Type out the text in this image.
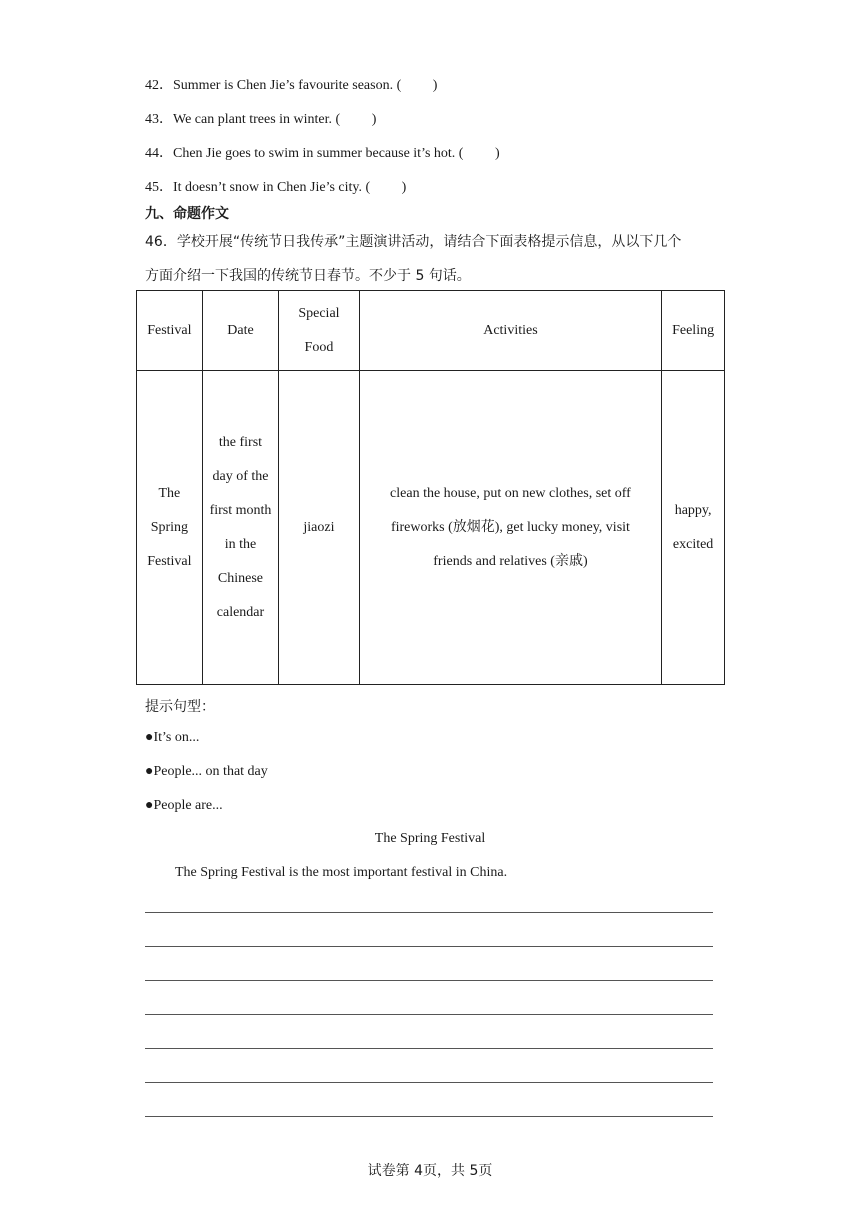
42．Summer is Chen Jie’s favourite season. (   )
43．We can plant trees in winter. (   )
44．Chen Jie goes to swim in summer because it’s hot. (   )
45．It doesn’t snow in Chen Jie’s city. (   )
九、命题作文
46．学校开展“传统节日我传承”主题演讲活动，请结合下面表格提示信息，从以下几个
方面介绍一下我国的传统节日春节。不少于 5 句话。
Festival	Date	Special Food	Activities	Feeling
The Spring Festival	the first day of the first month in the Chinese calendar	jiaozi	clean the house, put on new clothes, set off fireworks (放烟花), get lucky money, visit friends and relatives (亲戚)	happy, excited
提示句型：
●It’s on...
●People... on that day
●People are...
The Spring Festival
The Spring Festival is the most important festival in China.
试卷第 4页，共 5页
